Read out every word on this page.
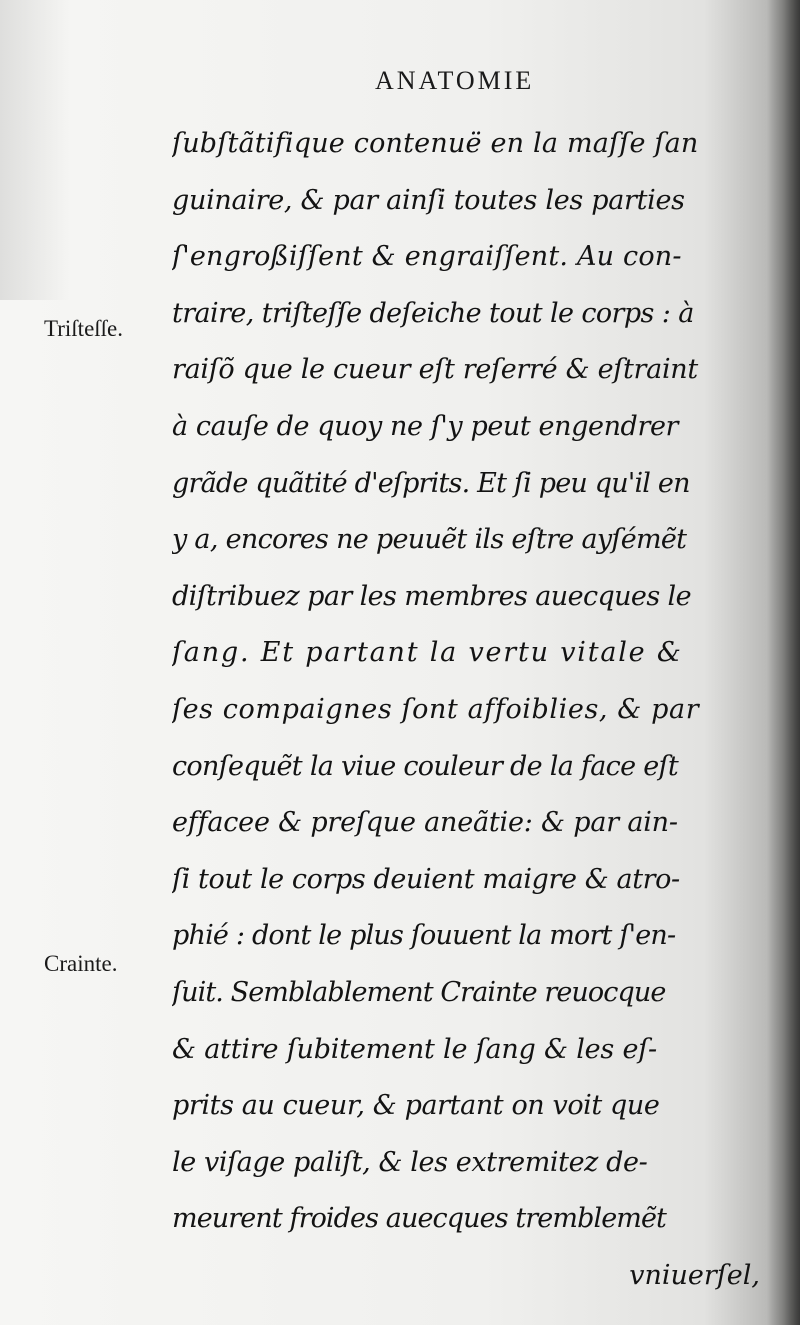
ANATOMIE
Triſteſſe.
Crainte.
ſubſtãtifique contenuë en la maſſe ſan
guinaire, & par ainſi toutes les parties
ſ'engroßiſſent & engraiſſent. Au con-
traire, triſteſſe deſeiche tout le corps : à
raiſõ que le cueur eſt reſerré & eſtraint
à cauſe de quoy ne ſ'y peut engendrer
grãde quãtité d'eſprits. Et ſi peu qu'il en
y a, encores ne peuuẽt ils eſtre ayſémẽt
diſtribuez par les membres auecques le
ſang. Et partant la vertu vitale &
ſes compaignes ſont affoiblies, & par
conſequẽt la viue couleur de la face eſt
effacee & preſque aneãtie: & par ain-
ſi tout le corps deuient maigre & atro-
phié : dont le plus ſouuent la mort ſ'en-
ſuit. Semblablement Crainte reuocque
& attire ſubitement le ſang & les eſ-
prits au cueur, & partant on voit que
le viſage paliſt, & les extremitez de-
meurent froides auecques tremblemẽt
vniuerſel,
